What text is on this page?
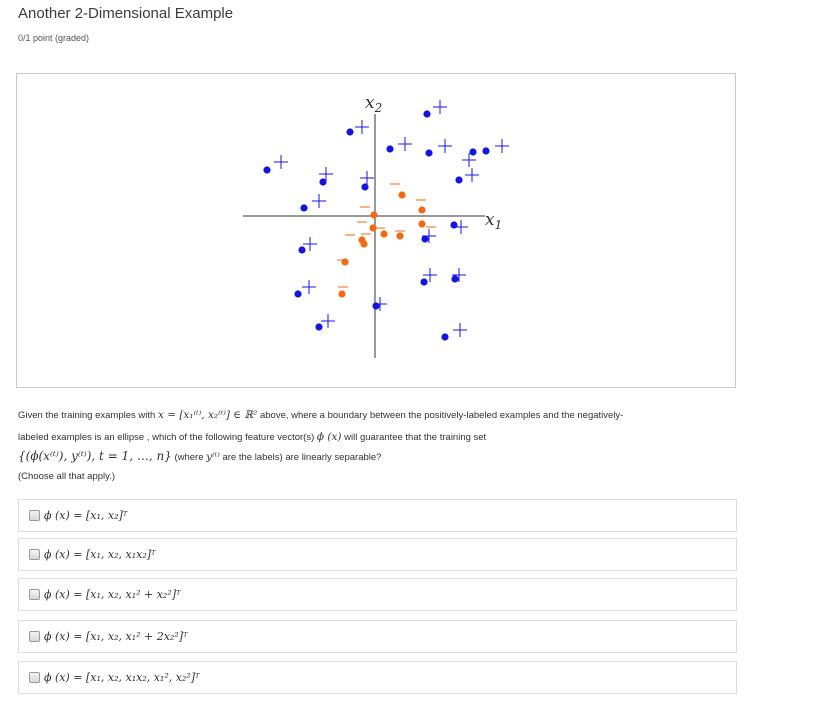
Another 2-Dimensional Example
0/1 point (graded)
x1
x2
Given the training examples with x = [x₁⁽ᵗ⁾, x₂⁽ᵗ⁾] ∈ ℝ² above, where a boundary between the positively-labeled examples and the negatively-
labeled examples is an ellipse , which of the following feature vector(s) ϕ (x) will guarantee that the training set
{(ϕ(x⁽ᵗ⁾), y⁽ᵗ⁾), t = 1, …, n} (where y⁽ᵗ⁾ are the labels) are linearly separable?
(Choose all that apply.)
ϕ (x) = [x₁, x₂]ᵀ
ϕ (x) = [x₁, x₂, x₁x₂]ᵀ
ϕ (x) = [x₁, x₂, x₁² + x₂²]ᵀ
ϕ (x) = [x₁, x₂, x₁² + 2x₂²]ᵀ
ϕ (x) = [x₁, x₂, x₁x₂, x₁², x₂²]ᵀ
